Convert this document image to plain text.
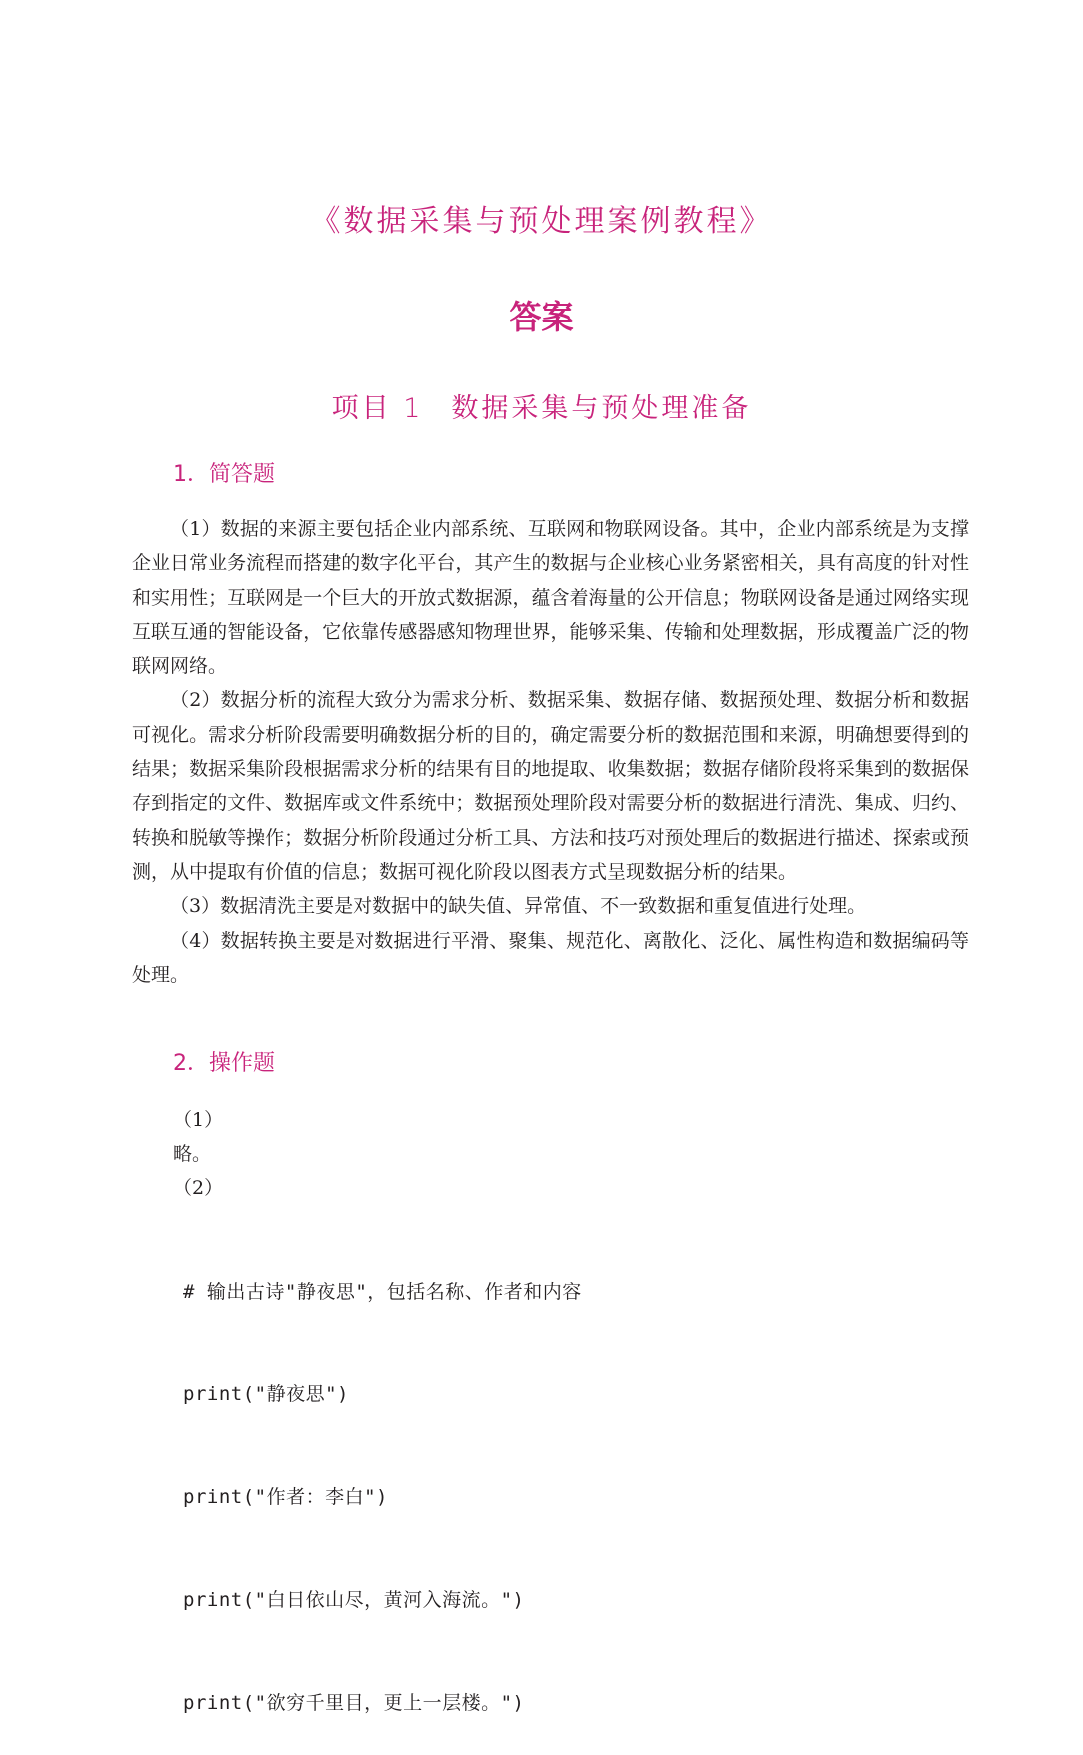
《数据采集与预处理案例教程》
答案
项目 1 数据采集与预处理准备
1．简答题

（1）数据的来源主要包括企业内部系统、互联网和物联网设备。其中，企业内部系统是为支撑企业日常业务流程而搭建的数字化平台，其产生的数据与企业核心业务紧密相关，具有高度的针对性和实用性；互联网是一个巨大的开放式数据源，蕴含着海量的公开信息；物联网设备是通过网络实现互联互通的智能设备，它依靠传感器感知物理世界，能够采集、传输和处理数据，形成覆盖广泛的物联网网络。

（2）数据分析的流程大致分为需求分析、数据采集、数据存储、数据预处理、数据分析和数据可视化。需求分析阶段需要明确数据分析的目的，确定需要分析的数据范围和来源，明确想要得到的结果；数据采集阶段根据需求分析的结果有目的地提取、收集数据；数据存储阶段将采集到的数据保存到指定的文件、数据库或文件系统中；数据预处理阶段对需要分析的数据进行清洗、集成、归约、转换和脱敏等操作；数据分析阶段通过分析工具、方法和技巧对预处理后的数据进行描述、探索或预测，从中提取有价值的信息；数据可视化阶段以图表方式呈现数据分析的结果。

（3）数据清洗主要是对数据中的缺失值、异常值、不一致数据和重复值进行处理。

（4）数据转换主要是对数据进行平滑、聚集、规范化、离散化、泛化、属性构造和数据编码等处理。

2．操作题
（1）
略。
（2）

# 输出古诗"静夜思"，包括名称、作者和内容

print("静夜思")

print("作者：李白")

print("白日依山尽，黄河入海流。")

print("欲穷千里目，更上一层楼。")
